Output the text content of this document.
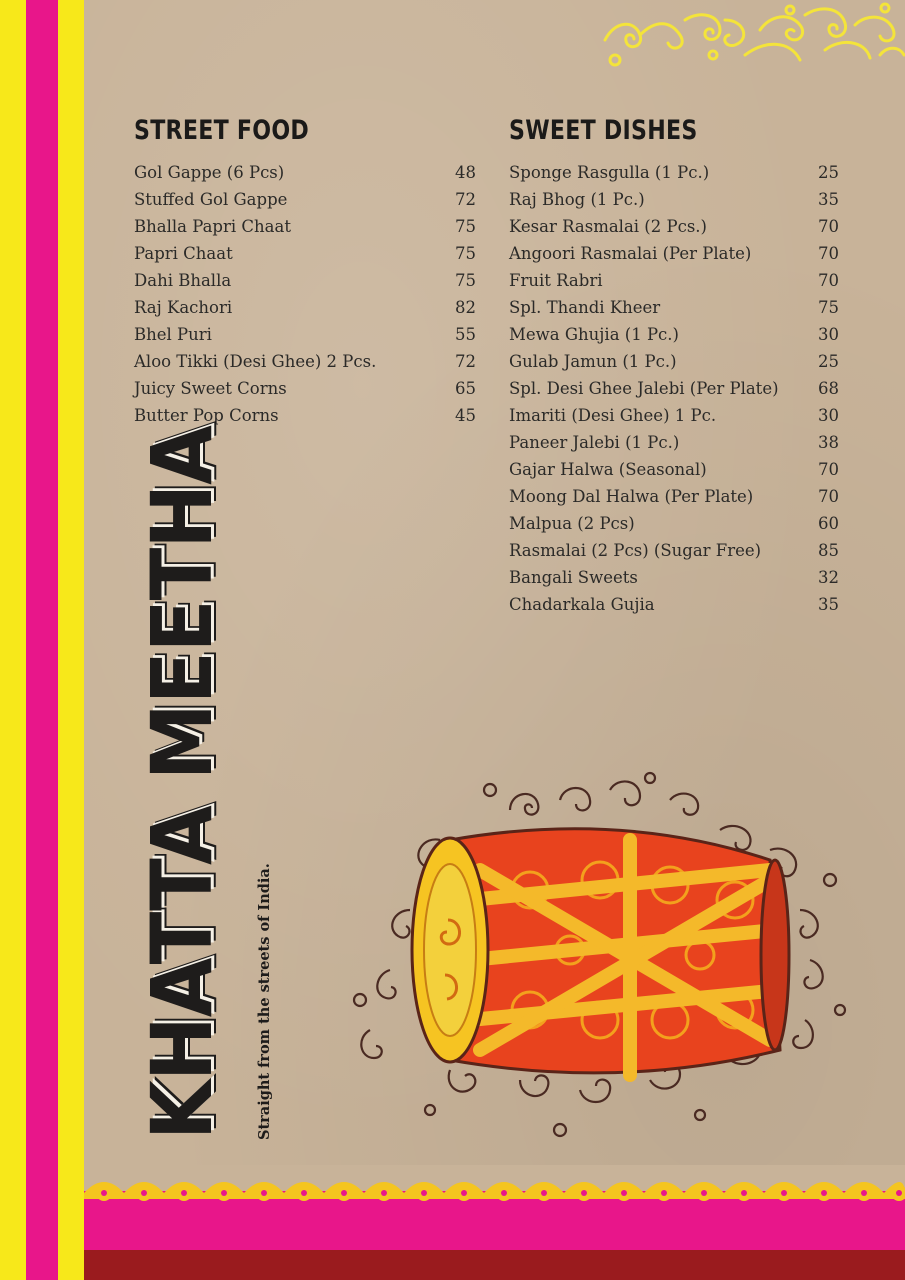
STREET FOOD
Gol Gappe (6 Pcs)	48
Stuffed Gol Gappe	72
Bhalla Papri Chaat	75
Papri Chaat	75
Dahi Bhalla	75
Raj Kachori	82
Bhel Puri	55
Aloo Tikki (Desi Ghee) 2 Pcs.	72
Juicy Sweet Corns	65
Butter Pop Corns	45
SWEET DISHES
Sponge Rasgulla (1 Pc.)	25
Raj Bhog (1 Pc.)	35
Kesar Rasmalai (2 Pcs.)	70
Angoori Rasmalai (Per Plate)	70
Fruit Rabri	70
Spl. Thandi Kheer	75
Mewa Ghujia (1 Pc.)	30
Gulab Jamun (1 Pc.)	25
Spl. Desi Ghee Jalebi (Per Plate) 68
Imariti (Desi Ghee) 1 Pc.	30
Paneer Jalebi (1 Pc.)	38
Gajar Halwa (Seasonal)	70
Moong Dal Halwa (Per Plate)	70
Malpua (2 Pcs)	60
Rasmalai (2 Pcs) (Sugar Free)	85
Bangali Sweets	32
Chadarkala Gujia	35
KHATTA MEETHA Straight from the streets of India.
